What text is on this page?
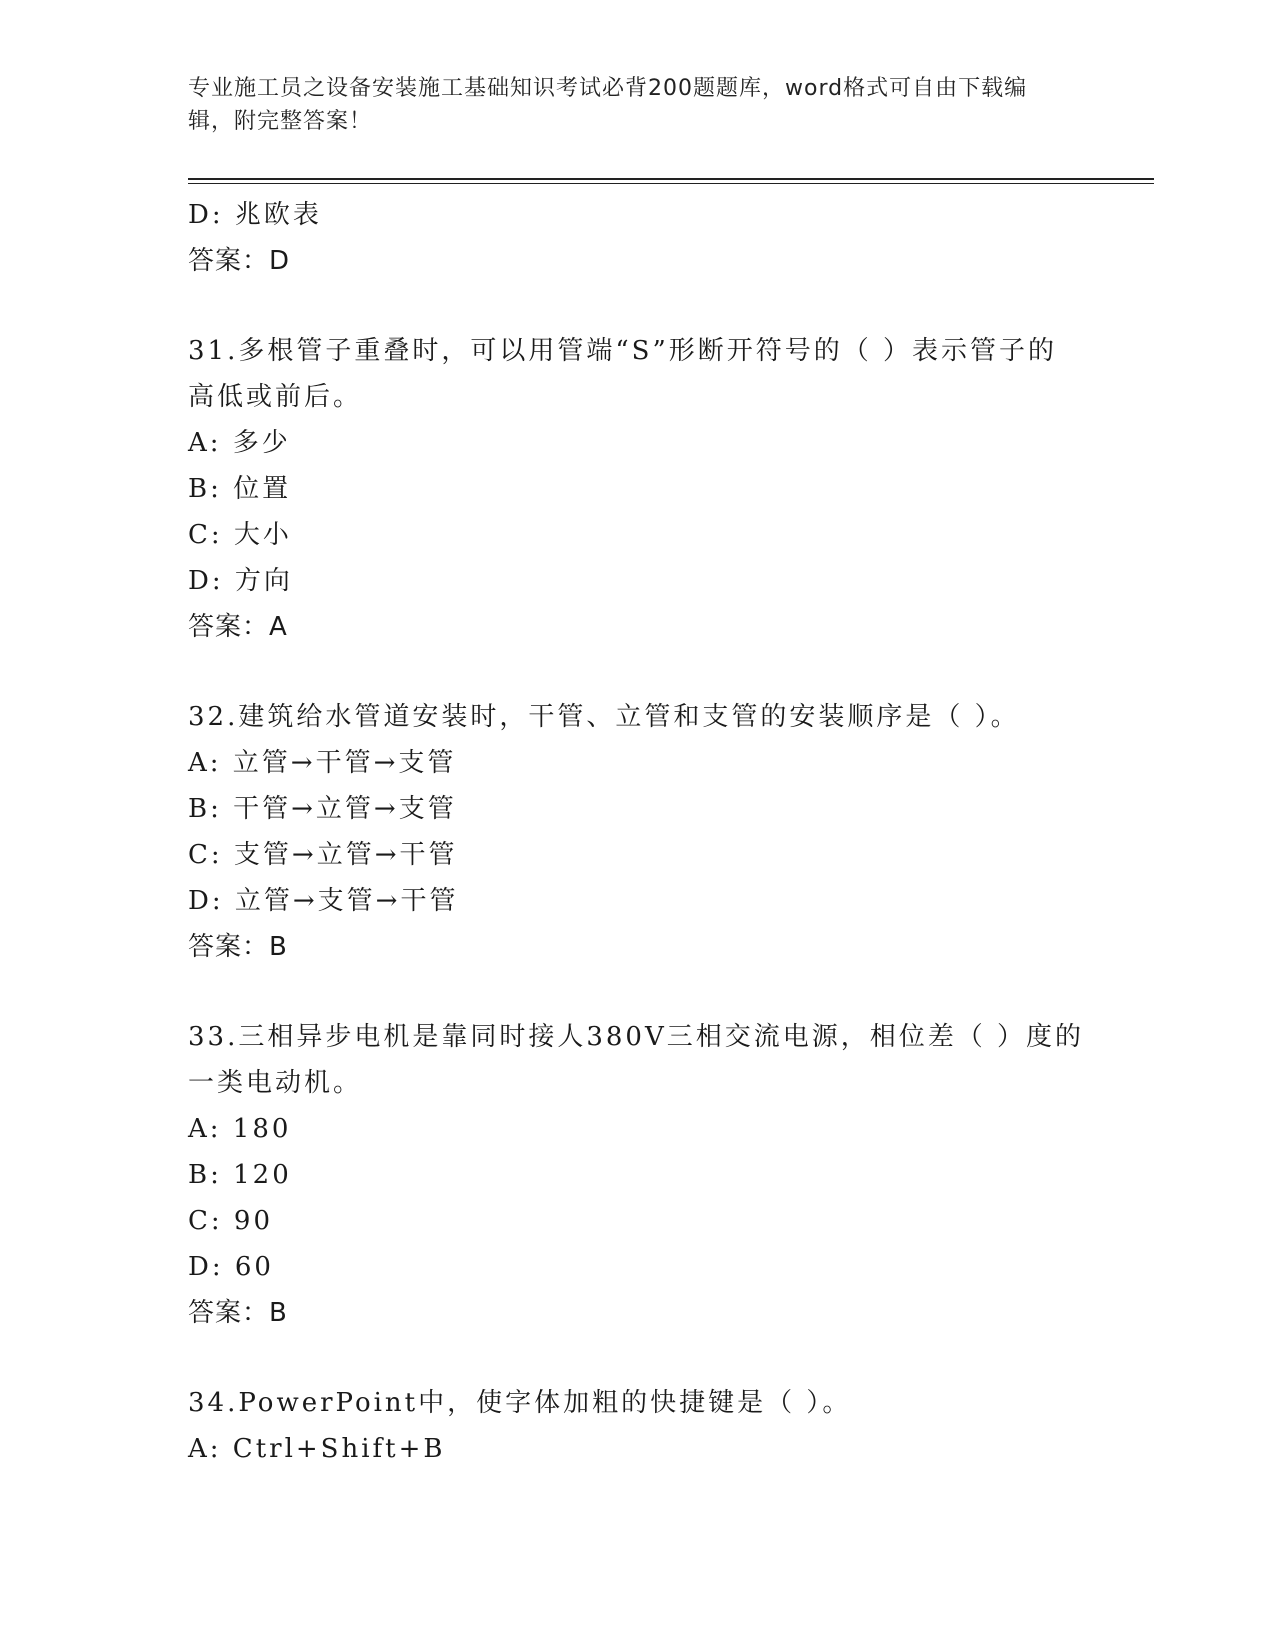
专业施工员之设备安装施工基础知识考试必背200题题库，word格式可自由下载编辑，附完整答案！
D: 兆欧表
答案：D
31.多根管子重叠时，可以用管端“S”形断开符号的（ ）表示管子的
高低或前后。
A: 多少
B: 位置
C: 大小
D: 方向
答案：A
32.建筑给水管道安装时，干管、立管和支管的安装顺序是（ ）。
A: 立管→干管→支管
B: 干管→立管→支管
C: 支管→立管→干管
D: 立管→支管→干管
答案：B
33.三相异步电机是靠同时接人380V三相交流电源，相位差（ ）度的
一类电动机。
A: 180
B: 120
C: 90
D: 60
答案：B
34.PowerPoint中，使字体加粗的快捷键是（ ）。
A: Ctrl+Shift+B
